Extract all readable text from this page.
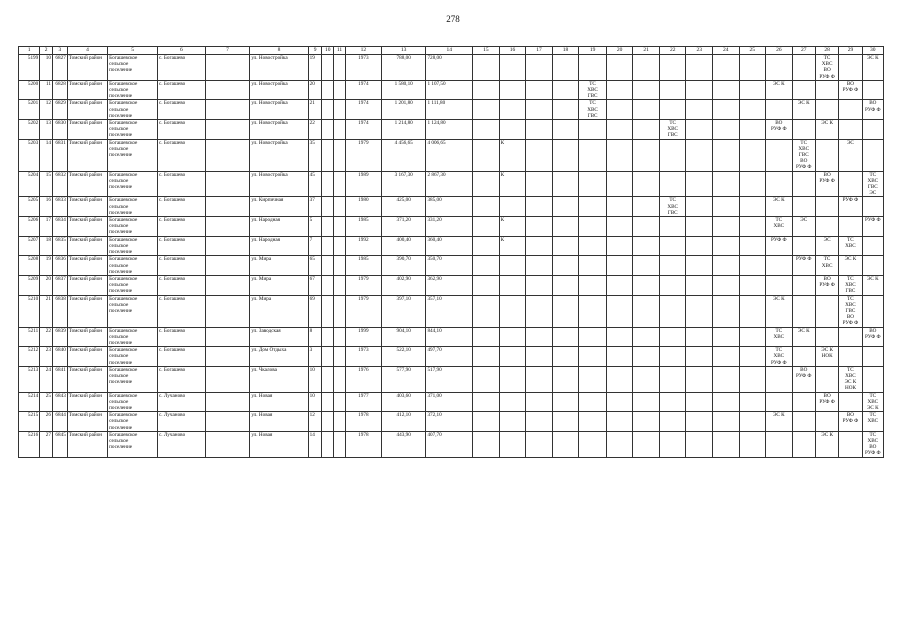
278
1	2	3	4	5	6	7	8	9	10	11	12	13	14	15	16	17	18	19	20	21	22	23	24	25	26	27	28	29	30
5199	10	6827	Томский район	Богашевское
сельское
поселение	с. Богашево		ул. Новостройка	19			1973	788,00	728,00														ТС
ХВС
ВО
РУФ Ф		ЭС К
5200	11	6828	Томский район	Богашевское
сельское
поселение	с. Богашево		ул. Новостройка	20			1974	1 580,10	1 107,50					ТС
ХВС
ГВС							ЭС К			ВО
РУФ Ф	
5201	12	6829	Томский район	Богашевское
сельское
поселение	с. Богашево		ул. Новостройка	21			1974	1 201,80	1 111,80					ТС
ХВС
ГВС								ЭС К			ВО
РУФ Ф
5202	13	6830	Томский район	Богашевское
сельское
поселение	с. Богашево		ул. Новостройка	22			1974	1 214,80	1 124,80								ТС
ХВС
ГВС				ВО
РУФ Ф		ЭС К		
5203	14	6831	Томский район	Богашевское
сельское
поселение	с. Богашево		ул. Новостройка	35			1979	4 456,65	4 006,65		К											ТС
ХВС
ГВС
ВО
РУФ Ф		ЭС	
5204	15	6832	Томский район	Богашевское
сельское
поселение	с. Богашево		ул. Новостройка	45			1989	3 167,30	2 867,30		К												ВО
РУФ Ф		ТС
ХВС
ГВС
ЭС
5205	16	6833	Томский район	Богашевское
сельское
поселение	с. Богашево		ул. Кирпичная	37			1980	425,00	385,00								ТС
ХВС
ГВС				ЭС К			РУФ Ф	
5206	17	6834	Томский район	Богашевское
сельское
поселение	с. Богашево		ул. Народная	5			1985	371,20	331,20		К										ТС
ХВС	ЭС			РУФ Ф
5207	18	6835	Томский район	Богашевское
сельское
поселение	с. Богашево		ул. Народная	7			1992	400,40	360,40		К										РУФ Ф		ЭС	ТС
ХВС	
5208	19	6836	Томский район	Богашевское
сельское
поселение	с. Богашево		ул. Мира	65			1985	390,70	350,70													РУФ Ф	ТС
ХВС	ЭС К	
5209	20	6837	Томский район	Богашевское
сельское
поселение	с. Богашево		ул. Мира	67			1979	402,90	362,90														ВО
РУФ Ф	ТС
ХВС
ГВС	ЭС К
5210	21	6838	Томский район	Богашевское
сельское
поселение	с. Богашево		ул. Мира	69			1979	397,10	357,10												ЭС К			ТС
ХВС
ГВС
ВО
РУФ Ф	
5211	22	6839	Томский район	Богашевское
сельское
поселение	с. Богашево		ул. Заводская	8			1999	904,10	844,10												ТС
ХВС	ЭС К			ВО
РУФ Ф
5212	23	6840	Томский район	Богашевское
сельское
поселение	с. Богашево		ул. Дом Отдыха	3			1973	522,10	497,70												ТС
ХВС
РУФ Ф		ЭС К
НОК		
5213	24	6841	Томский район	Богашевское
сельское
поселение	с. Богашево		ул. Чкалова	10			1976	577,90	517,90													ВО
РУФ Ф		ТС
ХВС
ЭС К
НОК	
5214	25	6843	Томский район	Богашевское
сельское
поселение	с. Лучаново		ул. Новая	10			1977	403,60	371,00														ВО
РУФ Ф		ТС
ХВС
ЭС К
5215	26	6844	Томский район	Богашевское
сельское
поселение	с. Лучаново		ул. Новая	12			1978	412,10	372,10												ЭС К			ВО
РУФ Ф	ТС
ХВС
5216	27	6845	Томский район	Богашевское
сельское
поселение	с. Лучаново		ул. Новая	14			1978	443,90	407,70														ЭС К		ТС
ХВС
ВО
РУФ Ф
